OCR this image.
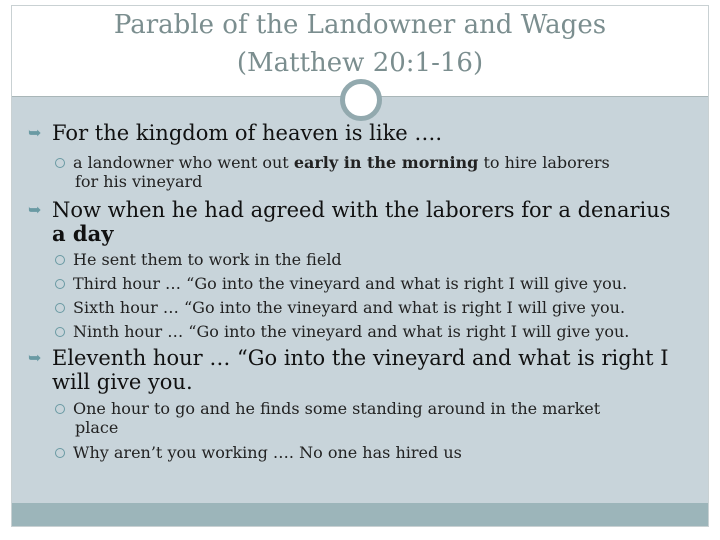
Parable of the Landowner and Wages
(Matthew 20:1-16)
➥ For the kingdom of heaven is like ….
a landowner who went out early in the morning to hire laborers
for his vineyard
➥ Now when he had agreed with the laborers for a denarius
a day
He sent them to work in the field
Third hour … “Go into the vineyard and what is right I will give you.
Sixth hour … “Go into the vineyard and what is right I will give you.
Ninth hour … “Go into the vineyard and what is right I will give you.
➥ Eleventh hour … “Go into the vineyard and what is right I
will give you.
One hour to go and he finds some standing around in the market
place
Why aren’t you working …. No one has hired us
